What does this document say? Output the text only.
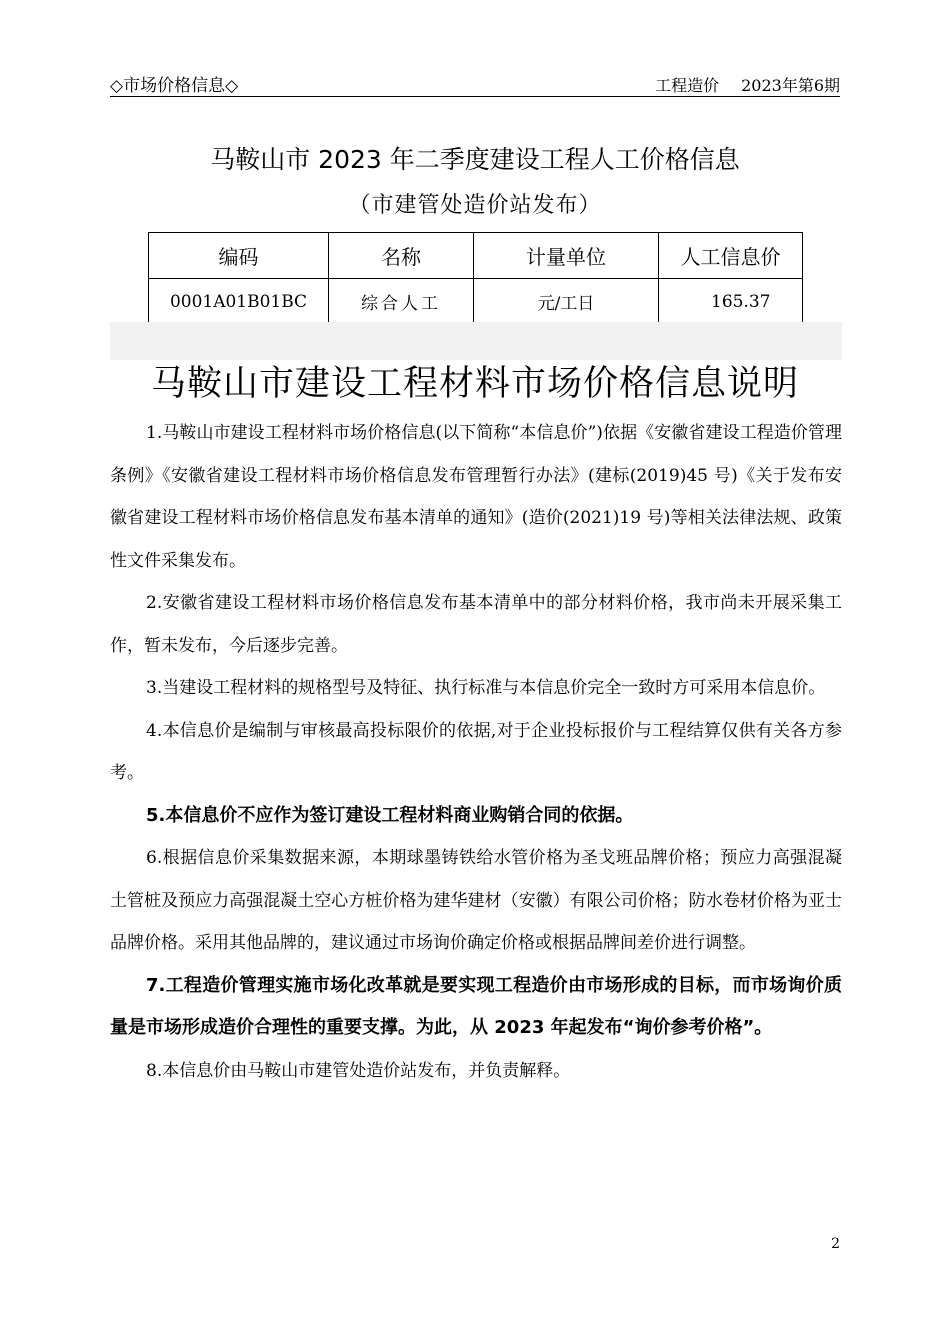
◇市场价格信息◇	工程造价 2023年第6期
马鞍山市 2023 年二季度建设工程人工价格信息
（市建管处造价站发布）
编码	名称	计量单位	人工信息价
0001A01B01BC	综合人工	元/工日	165.37
马鞍山市建设工程材料市场价格信息说明

1.马鞍山市建设工程材料市场价格信息(以下简称“本信息价”)依据《安徽省建设工程造价管理条例》《安徽省建设工程材料市场价格信息发布管理暂行办法》(建标(2019)45 号)《关于发布安徽省建设工程材料市场价格信息发布基本清单的通知》(造价(2021)19 号)等相关法律法规、政策性文件采集发布。

2.安徽省建设工程材料市场价格信息发布基本清单中的部分材料价格，我市尚未开展采集工作，暂未发布，今后逐步完善。

3.当建设工程材料的规格型号及特征、执行标准与本信息价完全一致时方可采用本信息价。

4.本信息价是编制与审核最高投标限价的依据,对于企业投标报价与工程结算仅供有关各方参考。

5.本信息价不应作为签订建设工程材料商业购销合同的依据。

6.根据信息价采集数据来源，本期球墨铸铁给水管价格为圣戈班品牌价格；预应力高强混凝土管桩及预应力高强混凝土空心方桩价格为建华建材（安徽）有限公司价格；防水卷材价格为亚士品牌价格。采用其他品牌的，建议通过市场询价确定价格或根据品牌间差价进行调整。

7.工程造价管理实施市场化改革就是要实现工程造价由市场形成的目标，而市场询价质量是市场形成造价合理性的重要支撑。为此，从 2023 年起发布“询价参考价格”。

8.本信息价由马鞍山市建管处造价站发布，并负责解释。

2
